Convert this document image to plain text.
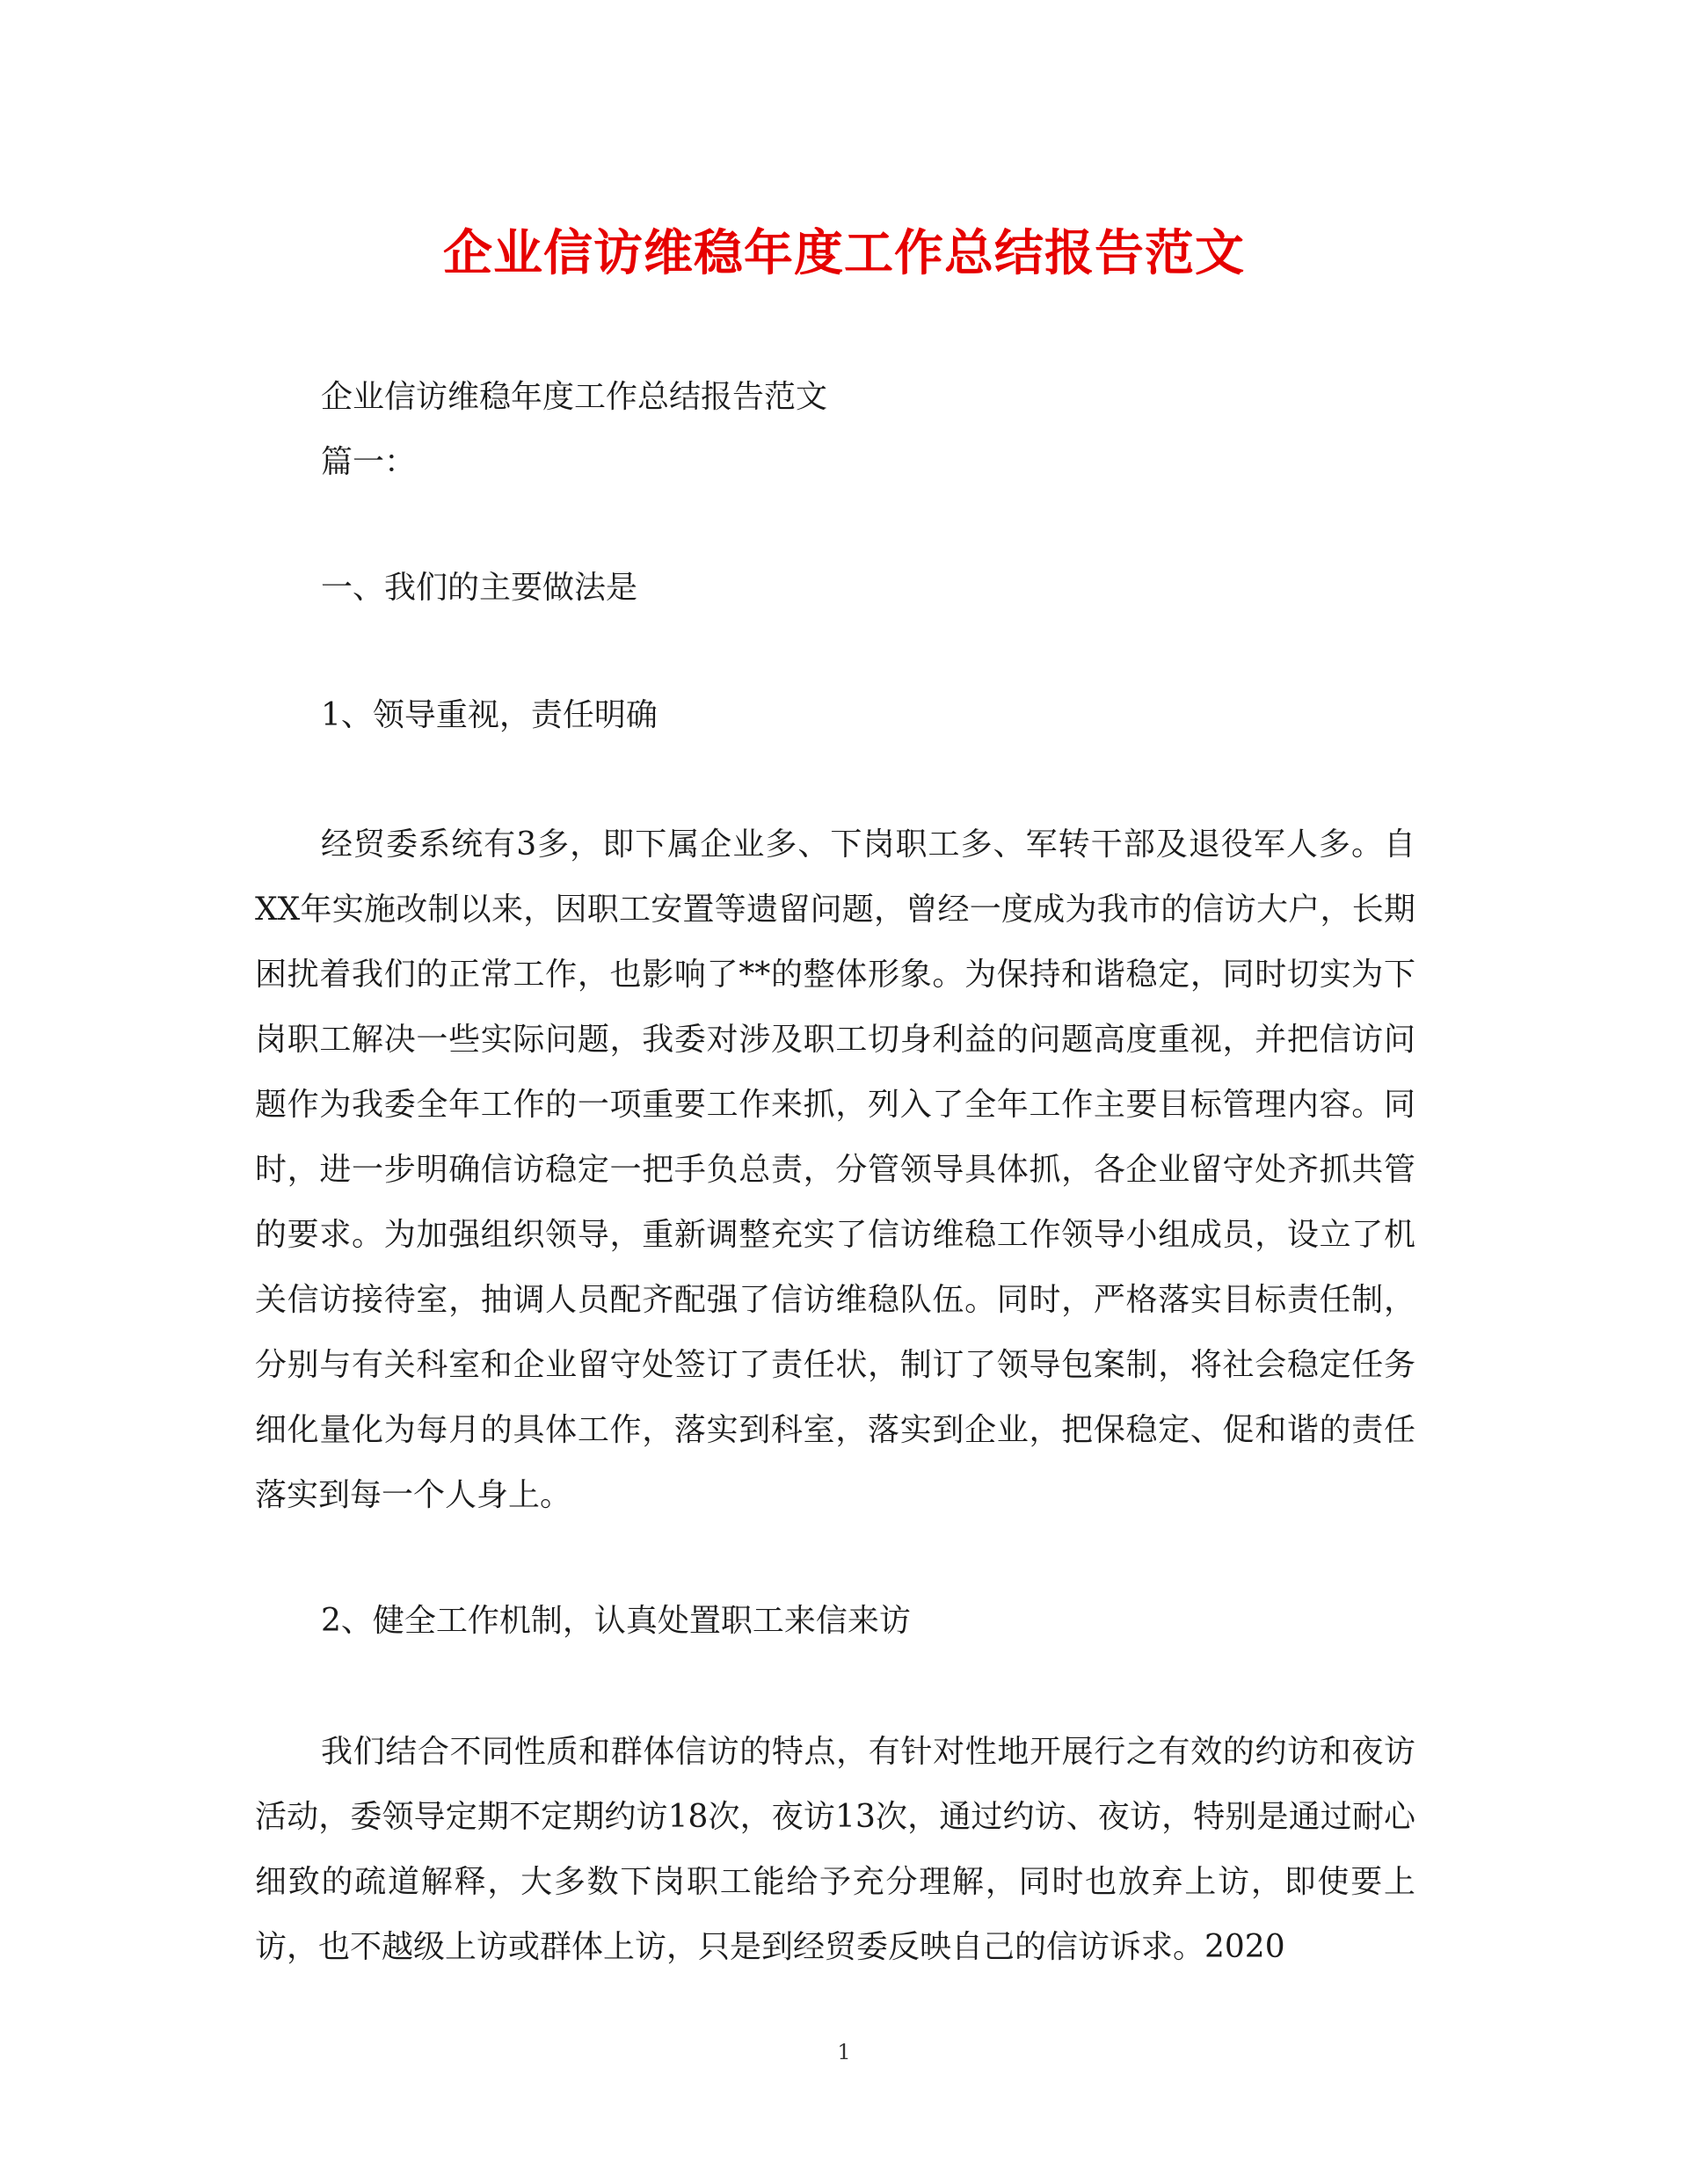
企业信访维稳年度工作总结报告范文
企业信访维稳年度工作总结报告范文
篇一：
一、我们的主要做法是
1、领导重视，责任明确
经贸委系统有3多，即下属企业多、下岗职工多、军转干部及退役军人多。自XX年实施改制以来，因职工安置等遗留问题，曾经一度成为我市的信访大户，长期困扰着我们的正常工作，也影响了**的整体形象。为保持和谐稳定，同时切实为下岗职工解决一些实际问题，我委对涉及职工切身利益的问题高度重视，并把信访问题作为我委全年工作的一项重要工作来抓，列入了全年工作主要目标管理内容。同时，进一步明确信访稳定一把手负总责，分管领导具体抓，各企业留守处齐抓共管的要求。为加强组织领导，重新调整充实了信访维稳工作领导小组成员，设立了机关信访接待室，抽调人员配齐配强了信访维稳队伍。同时，严格落实目标责任制，分别与有关科室和企业留守处签订了责任状，制订了领导包案制，将社会稳定任务细化量化为每月的具体工作，落实到科室，落实到企业，把保稳定、促和谐的责任落实到每一个人身上。
2、健全工作机制，认真处置职工来信来访
我们结合不同性质和群体信访的特点，有针对性地开展行之有效的约访和夜访活动，委领导定期不定期约访18次，夜访13次，通过约访、夜访，特别是通过耐心细致的疏道解释，大多数下岗职工能给予充分理解，同时也放弃上访，即使要上访，也不越级上访或群体上访，只是到经贸委反映自己的信访诉求。2020
1
